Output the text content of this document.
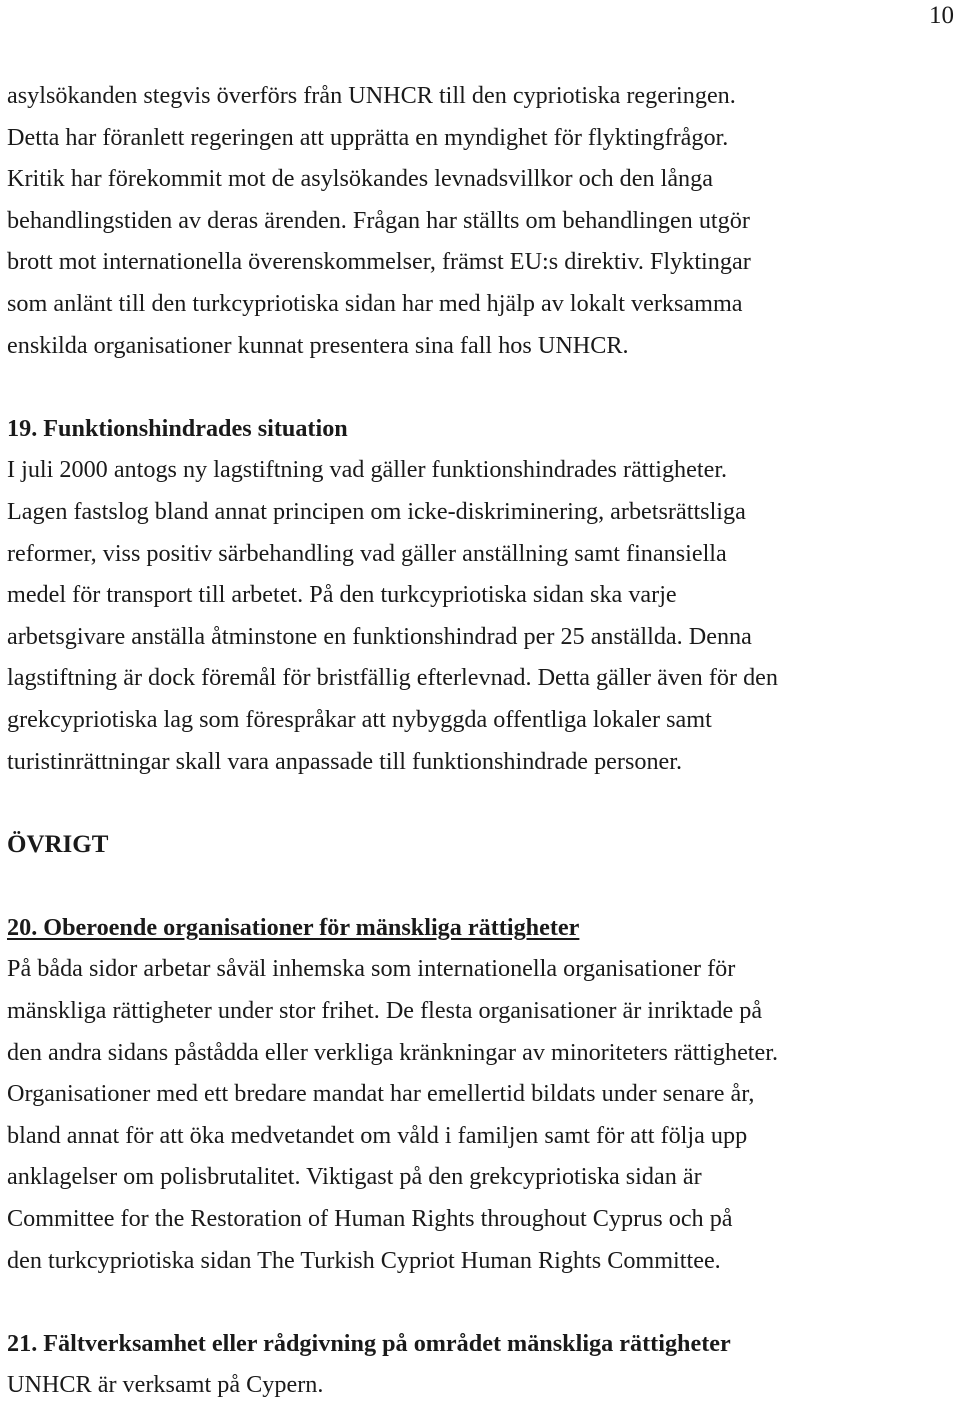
10

asylsökanden stegvis överförs från UNHCR till den cypriotiska regeringen.
Detta har föranlett regeringen att upprätta en myndighet för flyktingfrågor.
Kritik har förekommit mot de asylsökandes levnadsvillkor och den långa
behandlingstiden av deras ärenden. Frågan har ställts om behandlingen utgör
brott mot internationella överenskommelser, främst EU:s direktiv. Flyktingar
som anlänt till den turkcypriotiska sidan har med hjälp av lokalt verksamma
enskilda organisationer kunnat presentera sina fall hos UNHCR.

19. Funktionshindrades situation

I juli 2000 antogs ny lagstiftning vad gäller funktionshindrades rättigheter.
Lagen fastslog bland annat principen om icke-diskriminering, arbetsrättsliga
reformer, viss positiv särbehandling vad gäller anställning samt finansiella
medel för transport till arbetet. På den turkcypriotiska sidan ska varje
arbetsgivare anställa åtminstone en funktionshindrad per 25 anställda. Denna
lagstiftning är dock föremål för bristfällig efterlevnad. Detta gäller även för den
grekcypriotiska lag som förespråkar att nybyggda offentliga lokaler samt
turistinrättningar skall vara anpassade till funktionshindrade personer.

ÖVRIGT
20. Oberoende organisationer för mänskliga rättigheter

På båda sidor arbetar såväl inhemska som internationella organisationer för
mänskliga rättigheter under stor frihet. De flesta organisationer är inriktade på
den andra sidans påstådda eller verkliga kränkningar av minoriteters rättigheter.
Organisationer med ett bredare mandat har emellertid bildats under senare år,
bland annat för att öka medvetandet om våld i familjen samt för att följa upp
anklagelser om polisbrutalitet. Viktigast på den grekcypriotiska sidan är
Committee for the Restoration of Human Rights throughout Cyprus och på
den turkcypriotiska sidan The Turkish Cypriot Human Rights Committee.

21. Fältverksamhet eller rådgivning på området mänskliga rättigheter

UNHCR är verksamt på Cypern.
